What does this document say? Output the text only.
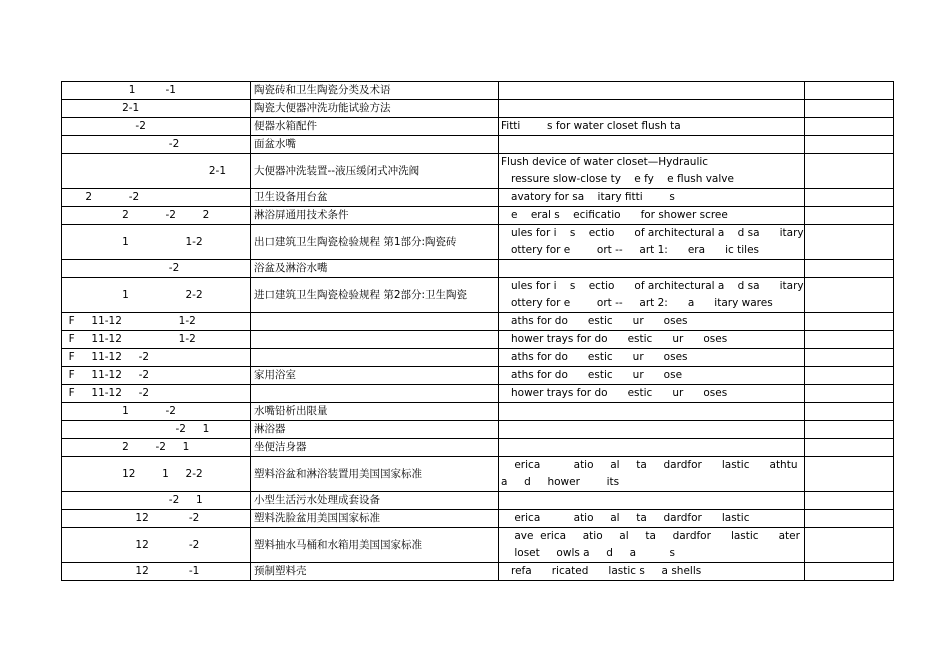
1         -1	陶瓷砖和卫生陶瓷分类及术语	

2-1	陶瓷大便器冲洗功能试验方法	

-2	便器水箱配件	Fitti        s for water closet flush ta	

-2	面盆水嘴	

2-1	大便器冲洗装置--液压缓闭式冲洗阀	Flush device of water closet—Hydraulic
ressure slow-close ty    e fy    e flush valve	

2           -2	卫生设备用台盆	avatory for sa    itary fitti        s	

2           -2        2	淋浴屏通用技术条件	e    eral s    ecificatio      for shower scree	

1                 1-2	出口建筑卫生陶瓷检验规程 第1部分:陶瓷砖	ules for i    s    ectio      of architectural a    d sa      itary
ottery for e        ort --     art 1:      era      ic tiles	

-2	浴盆及淋浴水嘴	

1                 2-2	进口建筑卫生陶瓷检验规程 第2部分:卫生陶瓷	ules for i    s    ectio      of architectural a    d sa      itary
ottery for e        ort --     art 2:      a      itary wares	

F     11-12                 1-2		aths for do      estic      ur      oses	

F     11-12                 1-2		hower trays for do      estic      ur      oses	

F     11-12     -2		aths for do      estic      ur      oses	

F     11-12     -2	家用浴室	aths for do      estic      ur      ose	

F     11-12     -2		hower trays for do      estic      ur      oses	

1           -2	水嘴铅析出限量	

-2     1	淋浴器	

2        -2     1	坐便洁身器	

12        1     2-2	塑料浴盆和淋浴装置用美国国家标准	erica          atio     al     ta     dardfor      lastic      athtu
a     d     hower        its	

-2     1	小型生活污水处理成套设备	

12            -2	塑料洗脸盆用美国国家标准	erica          atio     al     ta     dardfor      lastic	

12            -2	塑料抽水马桶和水箱用美国国家标准	ave  erica     atio     al     ta     dardfor      lastic      ater
loset     owls a     d     a          s	

12            -1	预制塑料壳	refa      ricated      lastic s     a shells	
